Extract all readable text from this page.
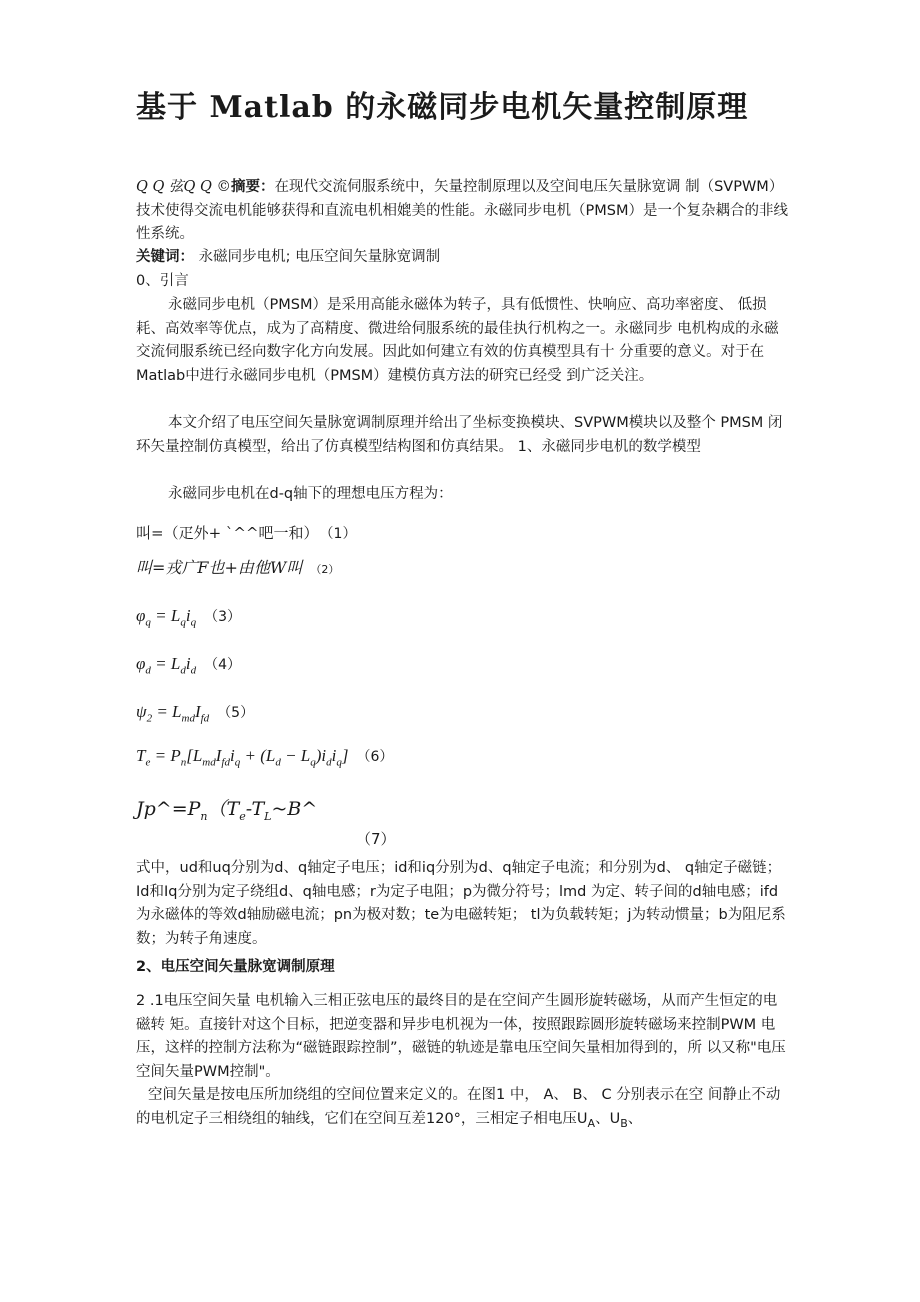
基于 Matlab 的永磁同步电机矢量控制原理

Q Q 弦Q Q ©摘要：在现代交流伺服系统中，矢量控制原理以及空间电压矢量脉宽调 制（SVPWM）技术使得交流电机能够获得和直流电机相媲美的性能。永磁同步电机（PMSM）是一个复杂耦合的非线性系统。

关键词： 永磁同步电机; 电压空间矢量脉宽调制

0、引言

永磁同步电机（PMSM）是采用高能永磁体为转子，具有低惯性、快响应、高功率密度、 低损耗、高效率等优点，成为了高精度、微进给伺服系统的最佳执行机构之一。永磁同步 电机构成的永磁交流伺服系统已经向数字化方向发展。因此如何建立有效的仿真模型具有十 分重要的意义。对于在Matlab中进行永磁同步电机（PMSM）建模仿真方法的研究已经受 到广泛关注。

本文介绍了电压空间矢量脉宽调制原理并给出了坐标变换模块、SVPWM模块以及整个 PMSM 闭环矢量控制仿真模型，给出了仿真模型结构图和仿真结果。 1、永磁同步电机的数学模型

永磁同步电机在d-q轴下的理想电压方程为：

叫=（疋外+ `^^吧一和） （1）
叫=戎广F也+由他W叫 （2）
$\varphi_q = L_qi_q$ （3）
$\varphi_d = L_di_d$ （4）
$\psi_2 = L_{md}I_{fd}$ （5）
$T_e = P_n[L_{md}I_{fd}i_q + (L_d - L_q)i_di_q]$ （6）
$Jp\^{}=P_n(T_e-T_L\sim B\^{}$
（7）

式中，ud和uq分别为d、q轴定子电压；id和iq分别为d、q轴定子电流；和分别为d、 q轴定子磁链；Id和Iq分别为定子绕组d、q轴电感；r为定子电阻；p为微分符号；lmd 为定、转子间的d轴电感；ifd为永磁体的等效d轴励磁电流；pn为极对数；te为电磁转矩； tl为负载转矩；j为转动惯量；b为阻尼系数；为转子角速度。

2、电压空间矢量脉宽调制原理

2 .1电压空间矢量 电机输入三相正弦电压的最终目的是在空间产生圆形旋转磁场，从而产生恒定的电磁转 矩。直接针对这个目标，把逆变器和异步电机视为一体，按照跟踪圆形旋转磁场来控制PWM 电压，这样的控制方法称为“磁链跟踪控制”，磁链的轨迹是靠电压空间矢量相加得到的，所 以又称"电压空间矢量PWM控制"。

空间矢量是按电压所加绕组的空间位置来定义的。在图1 中， A、 B、 C 分别表示在空 间静止不动的电机定子三相绕组的轴线，它们在空间互差120°，三相定子相电压$U_A$、$U_B$、
